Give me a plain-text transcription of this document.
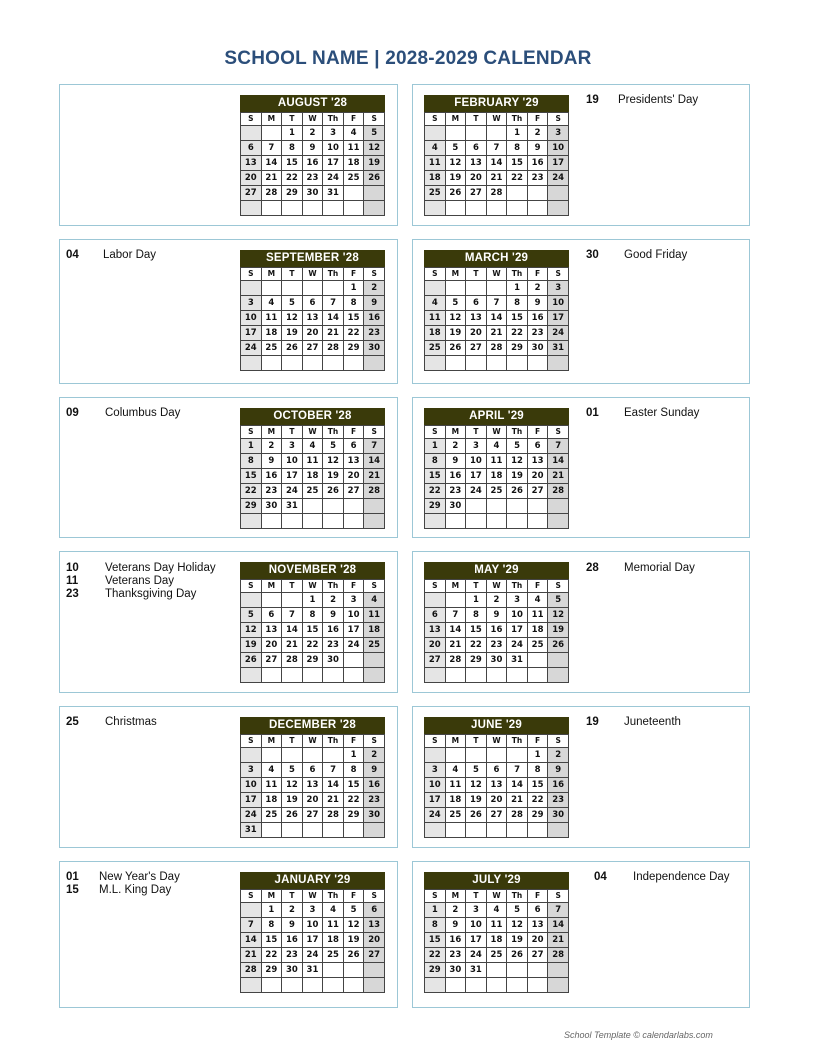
SCHOOL NAME | 2028-2029 CALENDAR
AUGUST '28
S	M	T	W	Th	F	S
		1	2	3	4	5
6	7	8	9	10	11	12
13	14	15	16	17	18	19
20	21	22	23	24	25	26
27	28	29	30	31		

FEBRUARY '29
S	M	T	W	Th	F	S
				1	2	3
4	5	6	7	8	9	10
11	12	13	14	15	16	17
18	19	20	21	22	23	24
25	26	27	28			

19 Presidents' Day
SEPTEMBER '28
S	M	T	W	Th	F	S
					1	2
3	4	5	6	7	8	9
10	11	12	13	14	15	16
17	18	19	20	21	22	23
24	25	26	27	28	29	30

04 Labor Day	MARCH '29
S	M	T	W	Th	F	S
				1	2	3
4	5	6	7	8	9	10
11	12	13	14	15	16	17
18	19	20	21	22	23	24
25	26	27	28	29	30	31

30 Good Friday
OCTOBER '28
S	M	T	W	Th	F	S
1	2	3	4	5	6	7
8	9	10	11	12	13	14
15	16	17	18	19	20	21
22	23	24	25	26	27	28
29	30	31				

09 Columbus Day	APRIL '29
S	M	T	W	Th	F	S
1	2	3	4	5	6	7
8	9	10	11	12	13	14
15	16	17	18	19	20	21
22	23	24	25	26	27	28
29	30					

01 Easter Sunday
NOVEMBER '28
S	M	T	W	Th	F	S
			1	2	3	4
5	6	7	8	9	10	11
12	13	14	15	16	17	18
19	20	21	22	23	24	25
26	27	28	29	30		

10 Veterans Day Holiday
11 Veterans Day
23 Thanksgiving Day
MAY '29
S	M	T	W	Th	F	S
		1	2	3	4	5
6	7	8	9	10	11	12
13	14	15	16	17	18	19
20	21	22	23	24	25	26
27	28	29	30	31		

28 Memorial Day
DECEMBER '28
S	M	T	W	Th	F	S
					1	2
3	4	5	6	7	8	9
10	11	12	13	14	15	16
17	18	19	20	21	22	23
24	25	26	27	28	29	30
31						
25 Christmas	JUNE '29
S	M	T	W	Th	F	S
					1	2
3	4	5	6	7	8	9
10	11	12	13	14	15	16
17	18	19	20	21	22	23
24	25	26	27	28	29	30

19 Juneteenth
JANUARY '29
S	M	T	W	Th	F	S
	1	2	3	4	5	6
7	8	9	10	11	12	13
14	15	16	17	18	19	20
21	22	23	24	25	26	27
28	29	30	31			

01 New Year's Day
15 M.L. King Day
JULY '29
S	M	T	W	Th	F	S
1	2	3	4	5	6	7
8	9	10	11	12	13	14
15	16	17	18	19	20	21
22	23	24	25	26	27	28
29	30	31				

04 Independence Day
School Template © calendarlabs.com
